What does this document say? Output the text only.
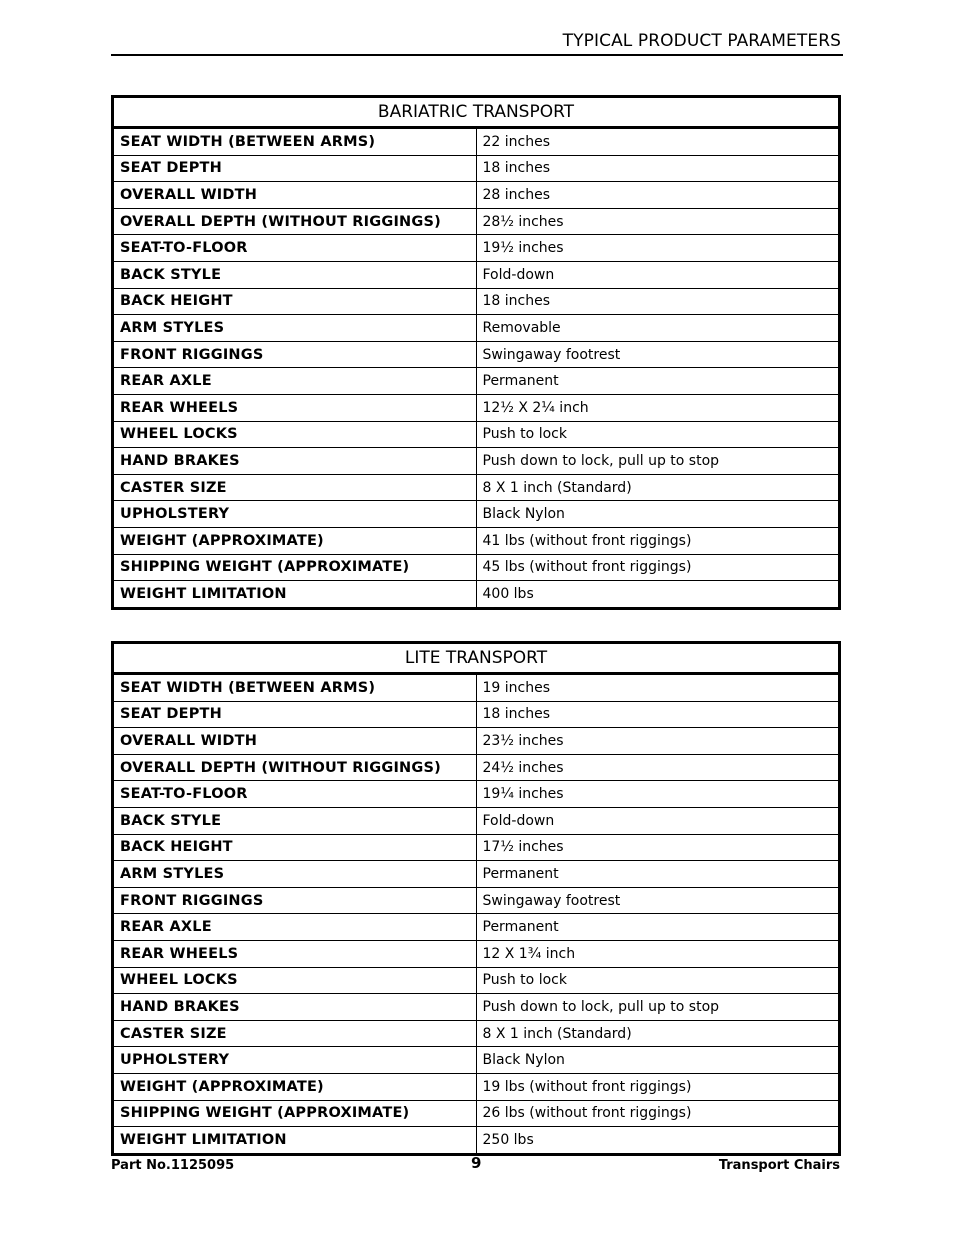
TYPICAL PRODUCT PARAMETERS
BARIATRIC TRANSPORT	
SEAT WIDTH (BETWEEN ARMS)	22 inches
SEAT DEPTH	18 inches
OVERALL WIDTH	28 inches
OVERALL DEPTH (WITHOUT RIGGINGS)	28½ inches
SEAT-TO-FLOOR	19½ inches
BACK STYLE	Fold-down
BACK HEIGHT	18 inches
ARM STYLES	Removable
FRONT RIGGINGS	Swingaway footrest
REAR AXLE	Permanent
REAR WHEELS	12½ X 2¼ inch
WHEEL LOCKS	Push to lock
HAND BRAKES	Push down to lock, pull up to stop
CASTER SIZE	8 X 1 inch (Standard)
UPHOLSTERY	Black Nylon
WEIGHT (APPROXIMATE)	41 lbs (without front riggings)
SHIPPING WEIGHT (APPROXIMATE)	45 lbs (without front riggings)
WEIGHT LIMITATION	400 lbs
LITE TRANSPORT	
SEAT WIDTH (BETWEEN ARMS)	19 inches
SEAT DEPTH	18 inches
OVERALL WIDTH	23½ inches
OVERALL DEPTH (WITHOUT RIGGINGS)	24½ inches
SEAT-TO-FLOOR	19¼ inches
BACK STYLE	Fold-down
BACK HEIGHT	17½ inches
ARM STYLES	Permanent
FRONT RIGGINGS	Swingaway footrest
REAR AXLE	Permanent
REAR WHEELS	12 X 1¾ inch
WHEEL LOCKS	Push to lock
HAND BRAKES	Push down to lock, pull up to stop
CASTER SIZE	8 X 1 inch (Standard)
UPHOLSTERY	Black Nylon
WEIGHT (APPROXIMATE)	19 lbs (without front riggings)
SHIPPING WEIGHT (APPROXIMATE)	26 lbs (without front riggings)
WEIGHT LIMITATION	250 lbs
Part No.1125095	9	Transport Chairs
